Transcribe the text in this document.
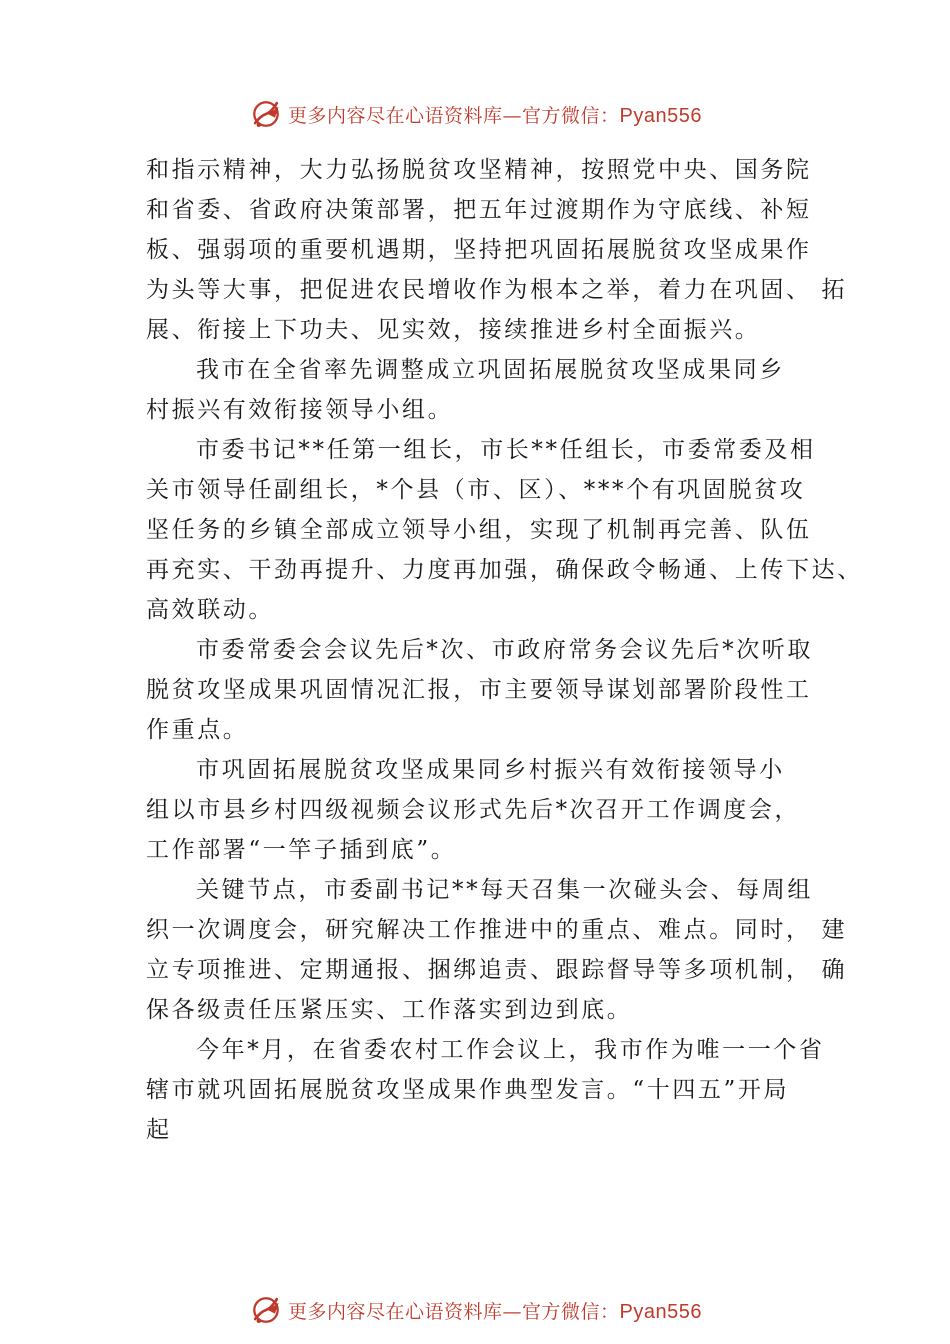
更多内容尽在心语资料库—官方微信：Pyan556
和指示精神，大力弘扬脱贫攻坚精神，按照党中央、国务院
和省委、省政府决策部署，把五年过渡期作为守底线、补短
板、强弱项的重要机遇期，坚持把巩固拓展脱贫攻坚成果作
为头等大事，把促进农民增收作为根本之举，着力在巩固、 拓
展、衔接上下功夫、见实效，接续推进乡村全面振兴。
我市在全省率先调整成立巩固拓展脱贫攻坚成果同乡
村振兴有效衔接领导小组。
市委书记**任第一组长，市长**任组长，市委常委及相
关市领导任副组长，*个县（市、区）、***个有巩固脱贫攻
坚任务的乡镇全部成立领导小组，实现了机制再完善、队伍
再充实、干劲再提升、力度再加强，确保政令畅通、上传下达、
高效联动。
市委常委会会议先后*次、市政府常务会议先后*次听取
脱贫攻坚成果巩固情况汇报，市主要领导谋划部署阶段性工
作重点。
市巩固拓展脱贫攻坚成果同乡村振兴有效衔接领导小
组以市县乡村四级视频会议形式先后*次召开工作调度会，
工作部署“一竿子插到底”。
关键节点，市委副书记**每天召集一次碰头会、每周组
织一次调度会，研究解决工作推进中的重点、难点。同时， 建
立专项推进、定期通报、捆绑追责、跟踪督导等多项机制， 确
保各级责任压紧压实、工作落实到边到底。
今年*月，在省委农村工作会议上，我市作为唯一一个省
辖市就巩固拓展脱贫攻坚成果作典型发言。“十四五”开局
起
更多内容尽在心语资料库—官方微信：Pyan556
